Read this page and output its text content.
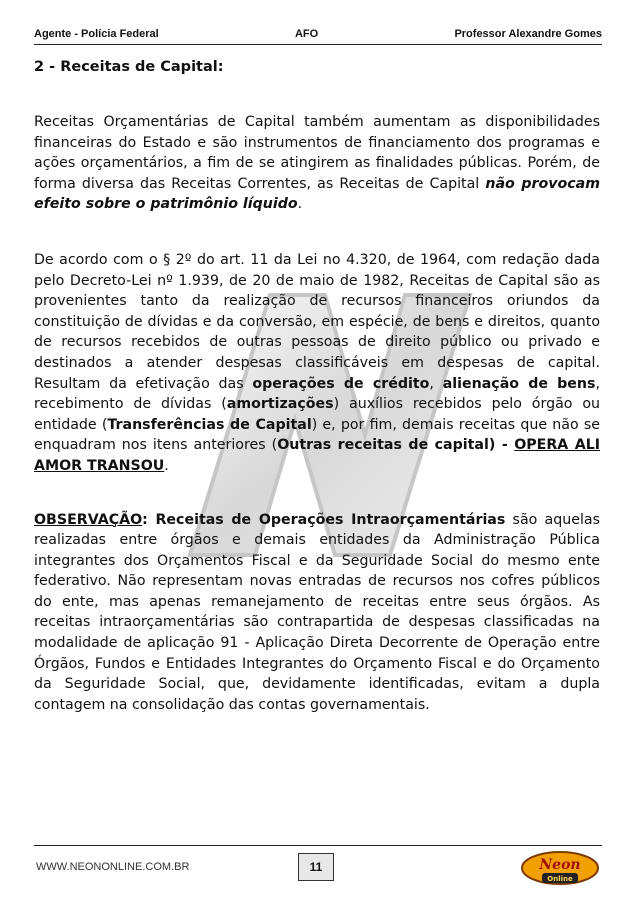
Agente - Polícia Federal	AFO	Professor Alexandre Gomes
2 - Receitas de Capital:

Receitas Orçamentárias de Capital também aumentam as disponibilidades financeiras do Estado e são instrumentos de financiamento dos programas e ações orçamentários, a fim de se atingirem as finalidades públicas. Porém, de forma diversa das Receitas Correntes, as Receitas de Capital não provocam efeito sobre o patrimônio líquido.

De acordo com o § 2º do art. 11 da Lei no 4.320, de 1964, com redação dada pelo Decreto-Lei nº 1.939, de 20 de maio de 1982, Receitas de Capital são as provenientes tanto da realização de recursos financeiros oriundos da constituição de dívidas e da conversão, em espécie, de bens e direitos, quanto de recursos recebidos de outras pessoas de direito público ou privado e destinados a atender despesas classificáveis em despesas de capital. Resultam da efetivação das operações de crédito, alienação de bens, recebimento de dívidas (amortizações) auxílios recebidos pelo órgão ou entidade (Transferências de Capital) e, por fim, demais receitas que não se enquadram nos itens anteriores (Outras receitas de capital) - OPERA ALI AMOR TRANSOU.

OBSERVAÇÃO: Receitas de Operações Intraorçamentárias são aquelas realizadas entre órgãos e demais entidades da Administração Pública integrantes dos Orçamentos Fiscal e da Seguridade Social do mesmo ente federativo. Não representam novas entradas de recursos nos cofres públicos do ente, mas apenas remanejamento de receitas entre seus órgãos. As receitas intraorçamentárias são contrapartida de despesas classificadas na modalidade de aplicação 91 - Aplicação Direta Decorrente de Operação entre Órgãos, Fundos e Entidades Integrantes do Orçamento Fiscal e do Orçamento da Seguridade Social, que, devidamente identificadas, evitam a dupla contagem na consolidação das contas governamentais.

WWW.NEONONLINE.COM.BR	11	Neon
Online
